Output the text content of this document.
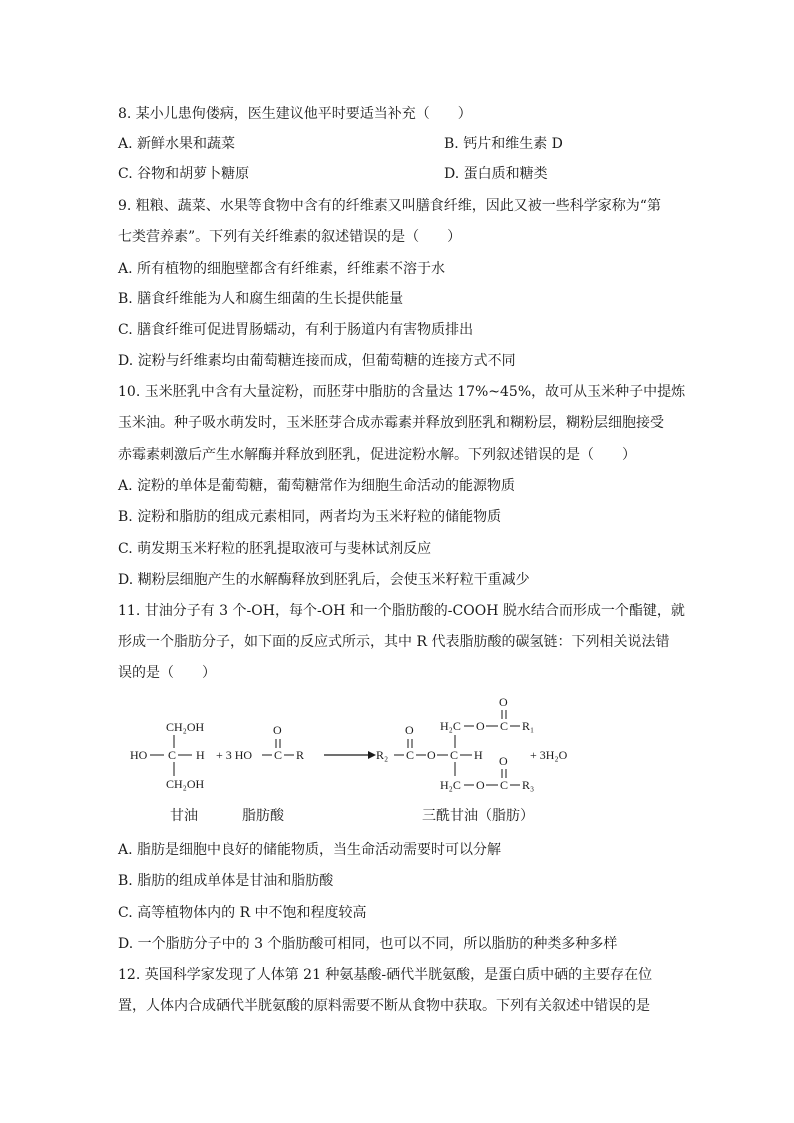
8. 某小儿患佝偻病，医生建议他平时要适当补充（　　）
A. 新鲜水果和蔬菜	B. 钙片和维生素 D
C. 谷物和胡萝卜糖原	D. 蛋白质和糖类
9. 粗粮、蔬菜、水果等食物中含有的纤维素又叫膳食纤维，因此又被一些科学家称为“第
七类营养素”。下列有关纤维素的叙述错误的是（　　）
A. 所有植物的细胞壁都含有纤维素，纤维素不溶于水
B. 膳食纤维能为人和腐生细菌的生长提供能量
C. 膳食纤维可促进胃肠蠕动，有利于肠道内有害物质排出
D. 淀粉与纤维素均由葡萄糖连接而成，但葡萄糖的连接方式不同
10. 玉米胚乳中含有大量淀粉，而胚芽中脂肪的含量达 17%~45%，故可从玉米种子中提炼
玉米油。种子吸水萌发时，玉米胚芽合成赤霉素并释放到胚乳和糊粉层，糊粉层细胞接受
赤霉素刺激后产生水解酶并释放到胚乳，促进淀粉水解。下列叙述错误的是（　　）
A. 淀粉的单体是葡萄糖，葡萄糖常作为细胞生命活动的能源物质
B. 淀粉和脂肪的组成元素相同，两者均为玉米籽粒的储能物质
C. 萌发期玉米籽粒的胚乳提取液可与斐林试剂反应
D. 糊粉层细胞产生的水解酶释放到胚乳后，会使玉米籽粒干重减少
11. 甘油分子有 3 个-OH，每个-OH 和一个脂肪酸的-COOH 脱水结合而形成一个酯键，就
形成一个脂肪分子，如下面的反应式所示，其中 R 代表脂肪酸的碳氢链：下列相关说法错
误的是（　　）
CH₂OH
HO C H
CH₂OH
+ 3 HO C
O
R	R₂ C
O
O C H
H₂C O C
O
R₁
H₂C O C
O
R₃
+ 3H₂O
甘油	脂肪酸	三酰甘油（脂肪）
A. 脂肪是细胞中良好的储能物质，当生命活动需要时可以分解
B. 脂肪的组成单体是甘油和脂肪酸
C. 高等植物体内的 R 中不饱和程度较高
D. 一个脂肪分子中的 3 个脂肪酸可相同，也可以不同，所以脂肪的种类多种多样
12. 英国科学家发现了人体第 21 种氨基酸-硒代半胱氨酸，是蛋白质中硒的主要存在位
置，人体内合成硒代半胱氨酸的原料需要不断从食物中获取。下列有关叙述中错误的是
